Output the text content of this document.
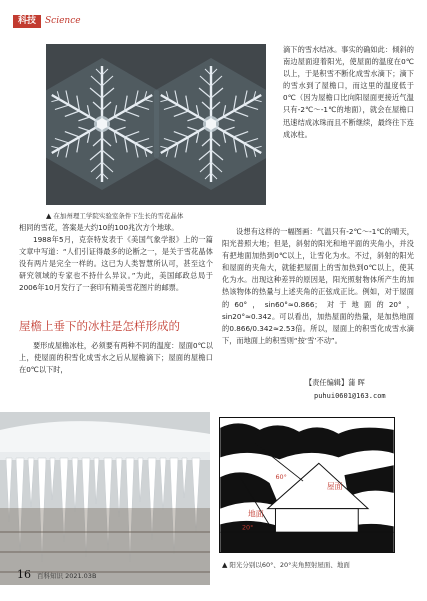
科技	Science
▲ 在加州理工学院实验室条件下生长的雪花晶体

滴下的雪水结冰。事实的确如此：倾斜的南边屋面迎着阳光，使屋面的温度在0℃以上，于是积雪不断化成雪水滴下；滴下的雪水到了屋檐口，而这里的温度低于0℃（因为屋檐口比向阳屋面更接近气温只有-2℃～-1℃的地面），就会在屋檐口迅速结成冰珠而且不断继续，最终往下连成冰柱。

相同的雪花，答案是大约10的100兆次方个地球。

1988年5月，克奈特发表于《美国气象学报》上的一篇文章中写道：“人们引证得最多的论断之一，是关于雪花晶体没有两片是完全一样的。这已为人类智慧所认可，甚至这个研究领域的专家也不持什么异议。”为此，美国邮政总局于2006年10月发行了一套印有精美雪花图片的邮票。

屋檐上垂下的冰柱是怎样形成的

要形成屋檐冰柱，必须要有两种不同的温度：屋面0℃以上，使屋面的积雪化成雪水之后从屋檐滴下；屋面的屋檐口在0℃以下时，

设想有这样的一幅图画：气温只有-2℃～-1℃的晴天，阳光普照大地；但是，斜射的阳光和地平面的夹角小，并没有把地面加热到0℃以上，让雪化为水。不过，斜射的阳光和屋面的夹角大，就能把屋面上的雪加热到0℃以上，使其化为水。出现这种差异的原因是，阳光照射物体所产生的加热该物体的热量与上述夹角的正弦成正比。例如，对于屋面的60°，sin60°≈0.866；对于地面的20°，sin20°≈0.342。可以看出，加热屋面的热量，是加热地面的0.866/0.342≈2.53倍。所以，屋面上的积雪化成雪水滴下，而地面上的积雪则“按‘雪’不动”。

【责任编辑】蒲 晖
puhui0601@163.com
屋面
60°
地面
20°
▲ 阳光分别以60°、20°夹角照射屋面、地面
16 百科知识 2021.03B
